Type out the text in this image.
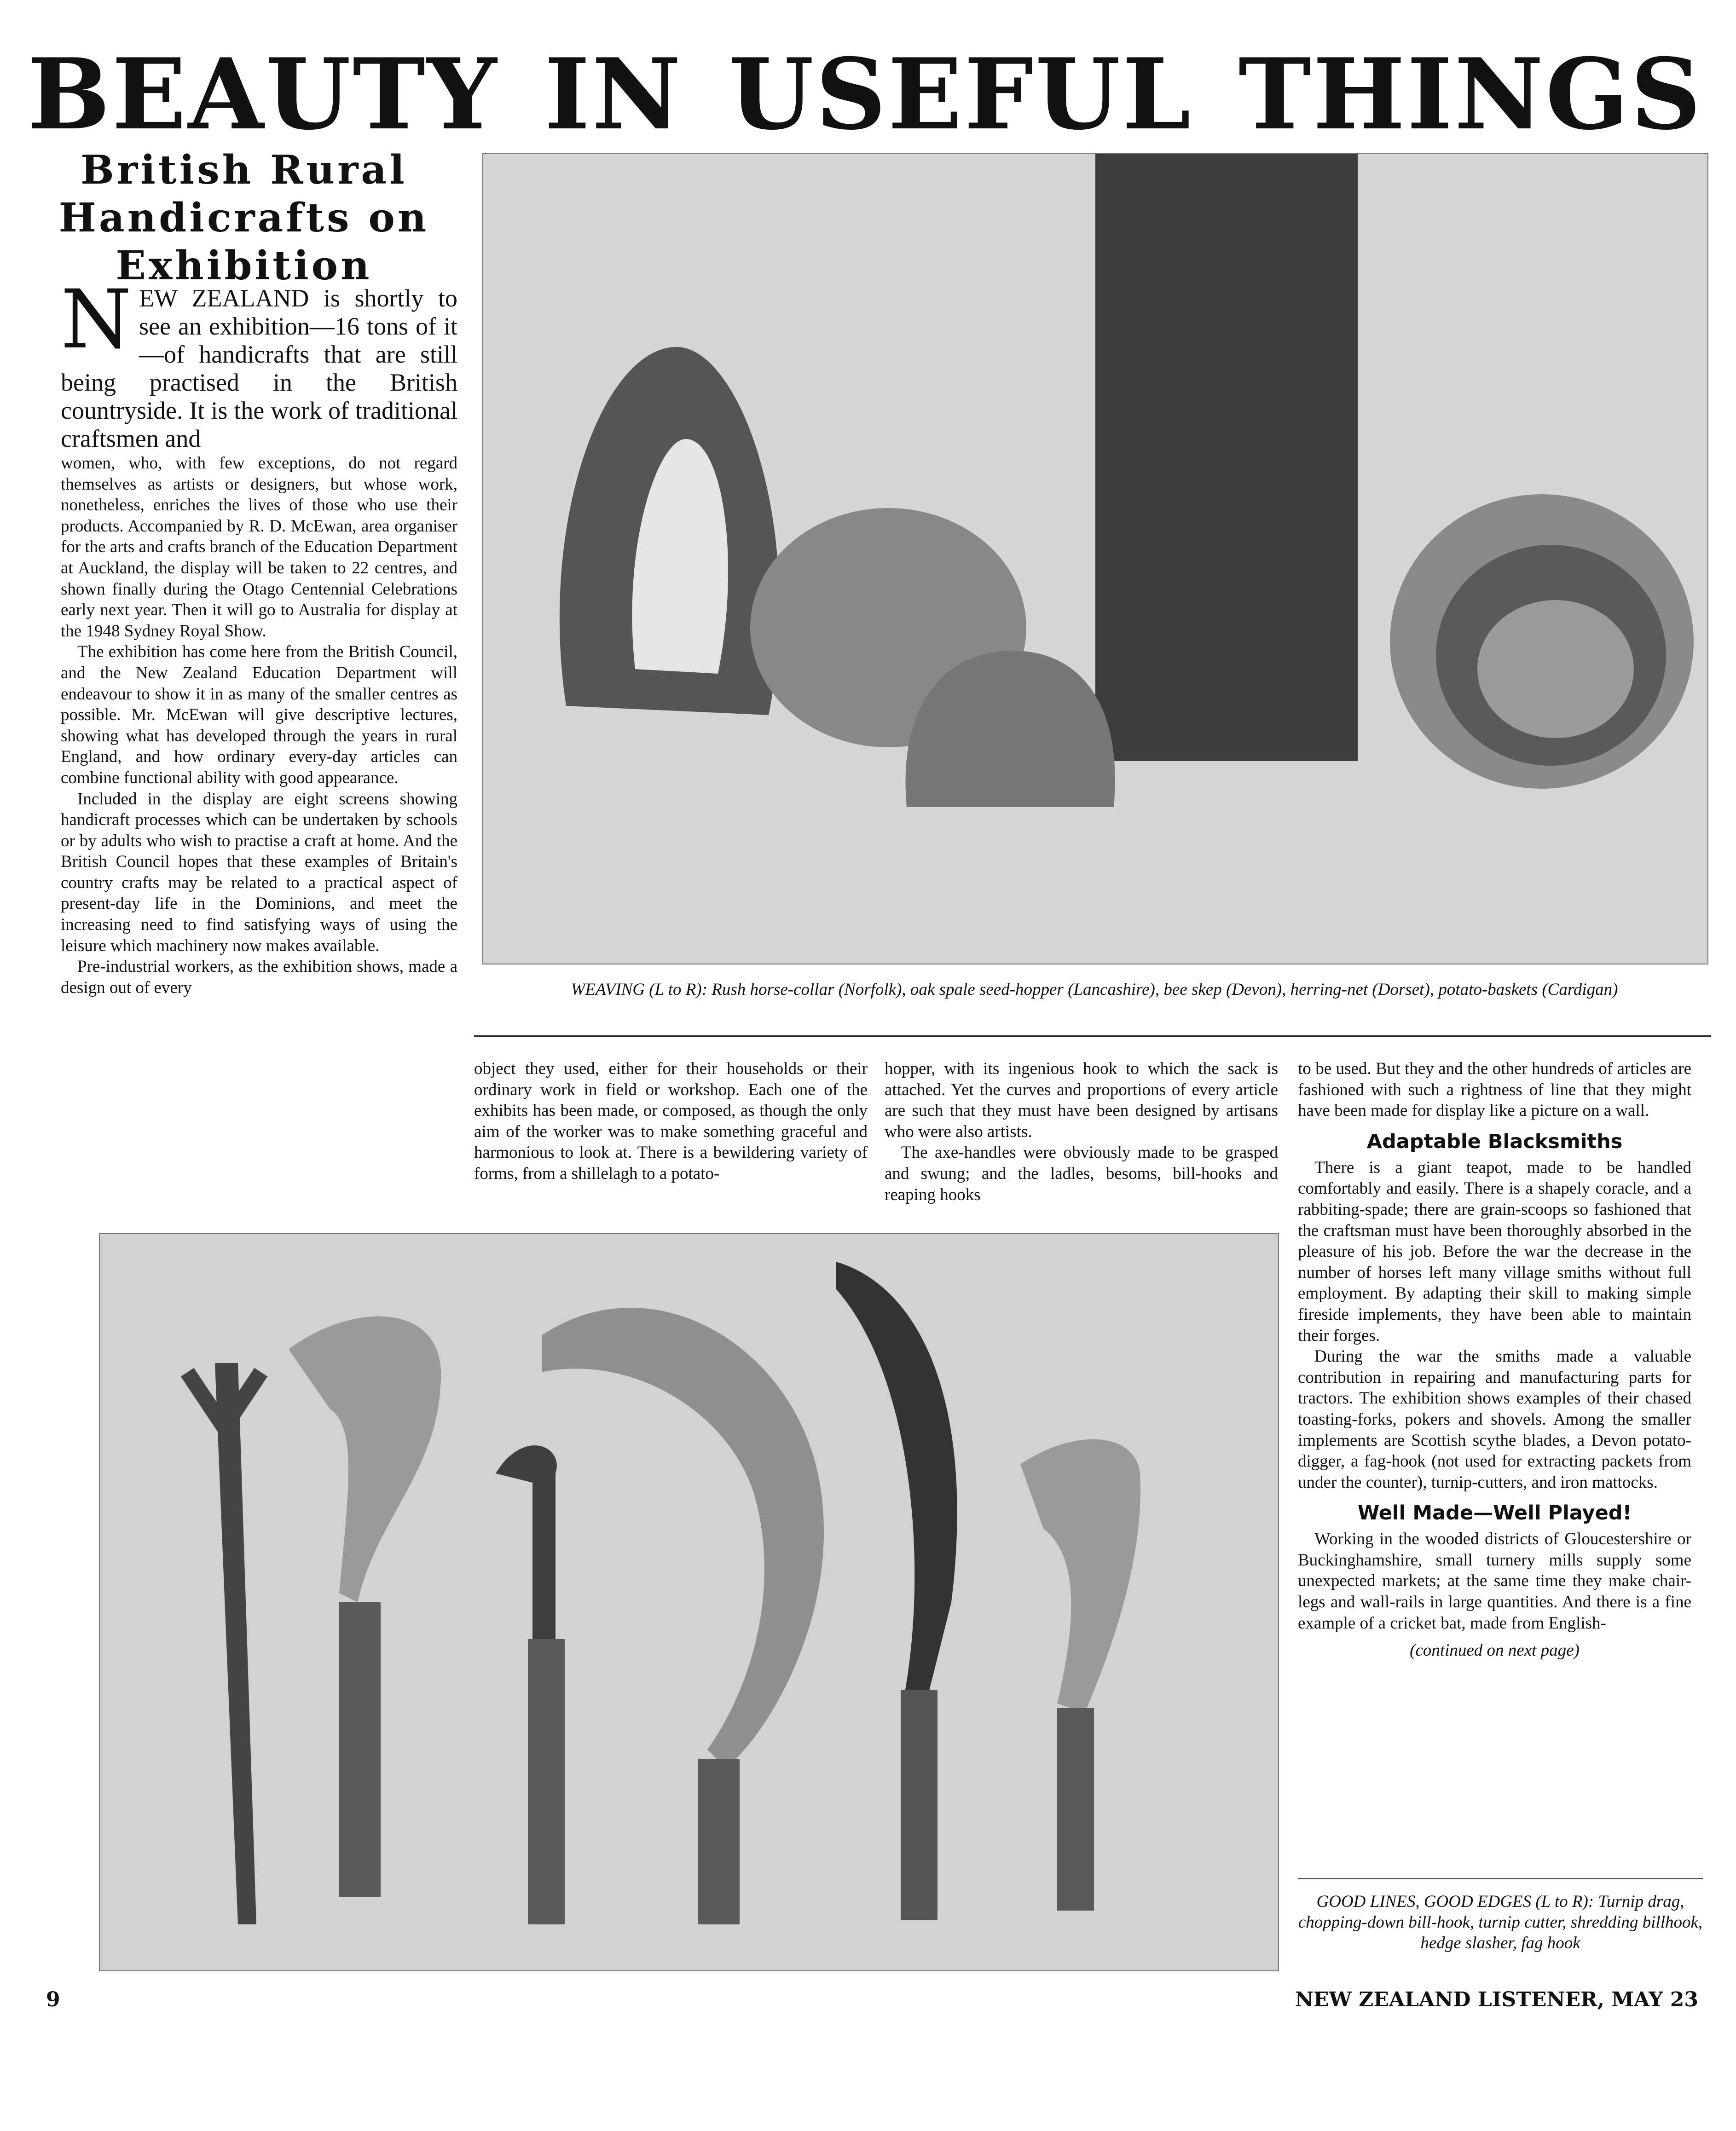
BEAUTY IN USEFUL THINGS
British Rural Handicrafts on Exhibition
NEW ZEALAND is shortly to see an exhibition—16 tons of it—of handicrafts that are still being practised in the British countryside. It is the work of traditional craftsmen and

women, who, with few exceptions, do not regard themselves as artists or designers, but whose work, nonetheless, enriches the lives of those who use their products. Accompanied by R. D. McEwan, area organiser for the arts and crafts branch of the Education Department at Auckland, the display will be taken to 22 centres, and shown finally during the Otago Centennial Celebrations early next year. Then it will go to Australia for display at the 1948 Sydney Royal Show.

The exhibition has come here from the British Council, and the New Zealand Education Department will endeavour to show it in as many of the smaller centres as possible. Mr. McEwan will give descriptive lectures, showing what has developed through the years in rural England, and how ordinary every-day articles can combine functional ability with good appearance.

Included in the display are eight screens showing handicraft processes which can be undertaken by schools or by adults who wish to practise a craft at home. And the British Council hopes that these examples of Britain's country crafts may be related to a practical aspect of present-day life in the Dominions, and meet the increasing need to find satisfying ways of using the leisure which machinery now makes available.

Pre-industrial workers, as the exhibition shows, made a design out of every	WEAVING (L to R): Rush horse-collar (Norfolk), oak spale seed-hopper (Lancashire), bee skep (Devon), herring-net (Dorset), potato-baskets (Cardigan)

object they used, either for their households or their ordinary work in field or workshop. Each one of the exhibits has been made, or composed, as though the only aim of the worker was to make something graceful and harmonious to look at. There is a bewildering variety of forms, from a shillelagh to a potato-

hopper, with its ingenious hook to which the sack is attached. Yet the curves and proportions of every article are such that they must have been designed by artisans who were also artists.

The axe-handles were obviously made to be grasped and swung; and the ladles, besoms, bill-hooks and reaping hooks

to be used. But they and the other hundreds of articles are fashioned with such a rightness of line that they might have been made for display like a picture on a wall.

Adaptable Blacksmiths

There is a giant teapot, made to be handled comfortably and easily. There is a shapely coracle, and a rabbiting-spade; there are grain-scoops so fashioned that the craftsman must have been thoroughly absorbed in the pleasure of his job. Before the war the decrease in the number of horses left many village smiths without full employment. By adapting their skill to making simple fireside implements, they have been able to maintain their forges.

During the war the smiths made a valuable contribution in repairing and manufacturing parts for tractors. The exhibition shows examples of their chased toasting-forks, pokers and shovels. Among the smaller implements are Scottish scythe blades, a Devon potato-digger, a fag-hook (not used for extracting packets from under the counter), turnip-cutters, and iron mattocks.

Well Made—Well Played!

Working in the wooded districts of Gloucestershire or Buckinghamshire, small turnery mills supply some unexpected markets; at the same time they make chair-legs and wall-rails in large quantities. And there is a fine example of a cricket bat, made from English-

(continued on next page)
GOOD LINES, GOOD EDGES (L to R): Turnip drag, chopping-down bill-hook, turnip cutter, shredding billhook, hedge slasher, fag hook
9	NEW ZEALAND LISTENER, MAY 23
